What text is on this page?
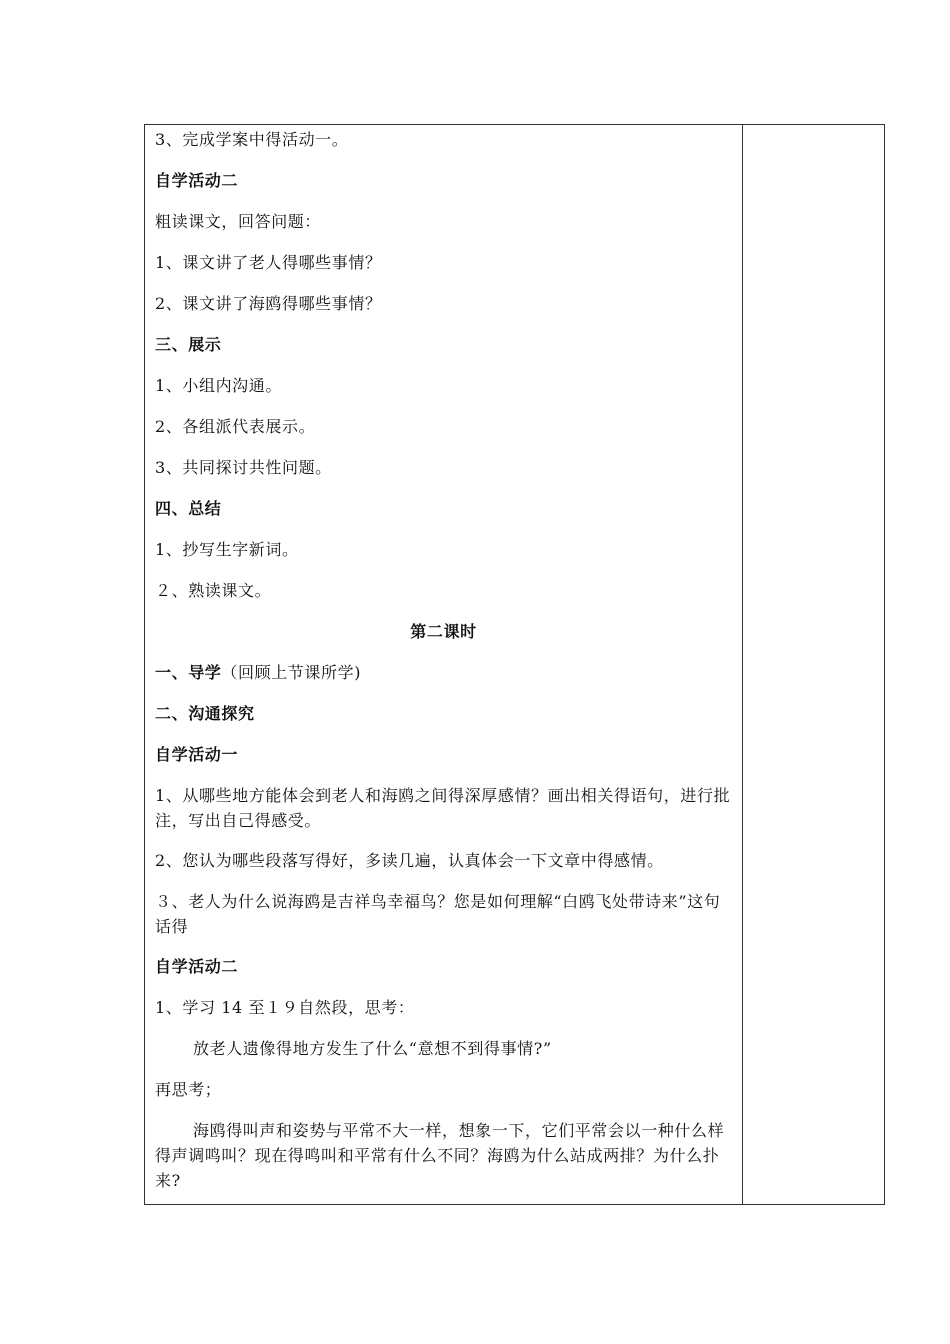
3、完成学案中得活动一。
自学活动二
粗读课文，回答问题：
1、课文讲了老人得哪些事情？
2、课文讲了海鸥得哪些事情？
三、展示
1、小组内沟通。
2、各组派代表展示。
3、共同探讨共性问题。
四、总结
1、抄写生字新词。
２、熟读课文。
第二课时
一、导学（回顾上节课所学)
二、沟通探究
自学活动一
1、从哪些地方能体会到老人和海鸥之间得深厚感情？画出相关得语句，进行批注，写出自己得感受。
2、您认为哪些段落写得好，多读几遍，认真体会一下文章中得感情。
３、老人为什么说海鸥是吉祥鸟幸福鸟？您是如何理解“白鸥飞处带诗来”这句话得
自学活动二
1、学习 14 至１９自然段，思考：
放老人遗像得地方发生了什么“意想不到得事情?”
再思考；
海鸥得叫声和姿势与平常不大一样，想象一下，它们平常会以一种什么样得声调鸣叫？现在得鸣叫和平常有什么不同？海鸥为什么站成两排？为什么扑来?
